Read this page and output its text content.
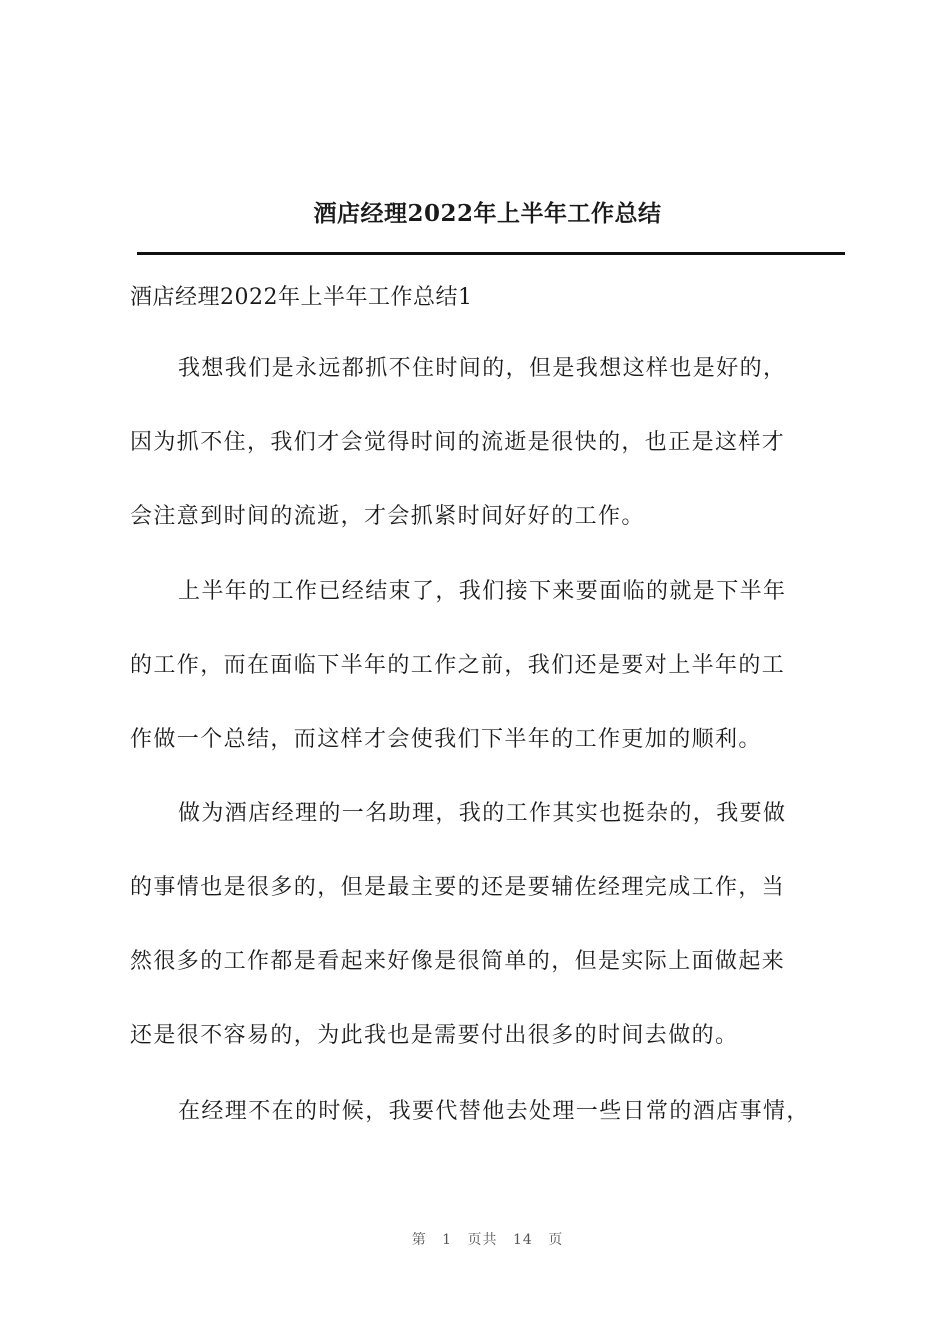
酒店经理2022年上半年工作总结
酒店经理2022年上半年工作总结1
我想我们是永远都抓不住时间的，但是我想这样也是好的，
因为抓不住，我们才会觉得时间的流逝是很快的，也正是这样才
会注意到时间的流逝，才会抓紧时间好好的工作。
上半年的工作已经结束了，我们接下来要面临的就是下半年
的工作，而在面临下半年的工作之前，我们还是要对上半年的工
作做一个总结，而这样才会使我们下半年的工作更加的顺利。
做为酒店经理的一名助理，我的工作其实也挺杂的，我要做
的事情也是很多的，但是最主要的还是要辅佐经理完成工作，当
然很多的工作都是看起来好像是很简单的，但是实际上面做起来
还是很不容易的，为此我也是需要付出很多的时间去做的。
在经理不在的时候，我要代替他去处理一些日常的酒店事情，
第 1 页共 14 页
